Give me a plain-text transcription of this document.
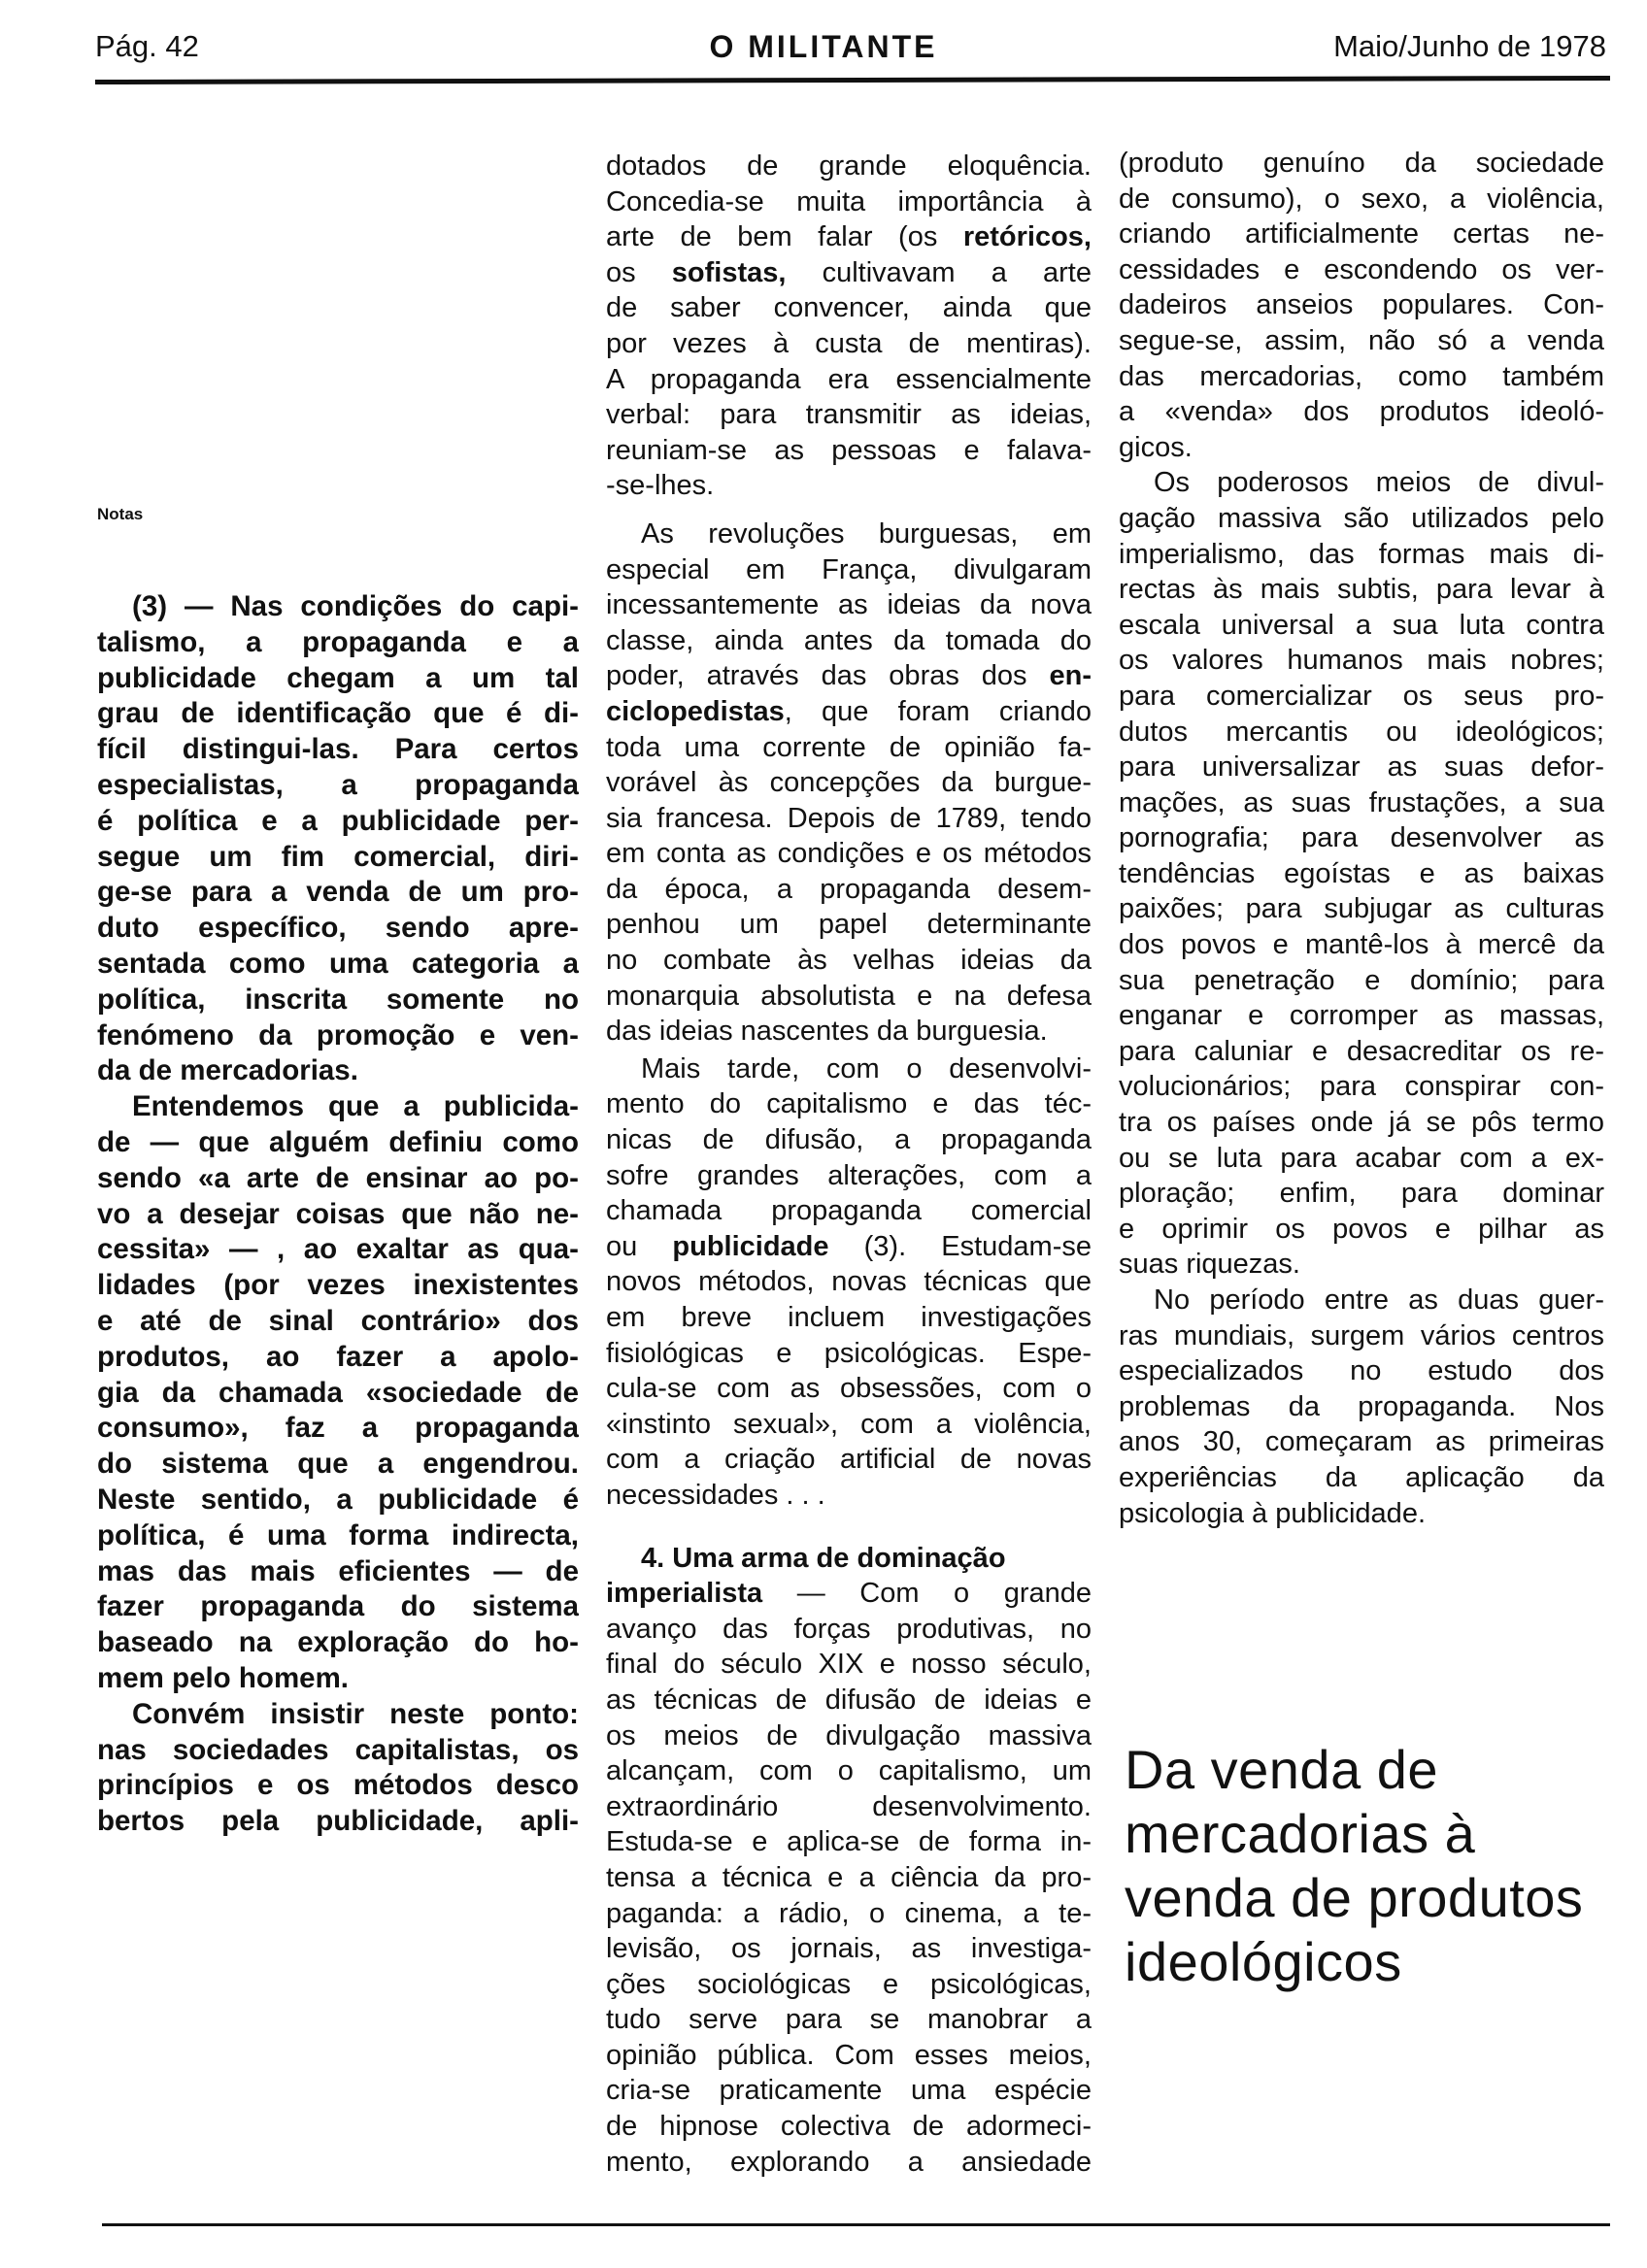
Pág. 42	O MILITANTE	Maio/Junho de 1978
Notas
(3) — Nas condições do capi-
talismo, a propaganda e a
publicidade chegam a um tal
grau de identificação que é di-
fícil distingui-las. Para certos
especialistas, a propaganda
é política e a publicidade per-
segue um fim comercial, diri-
ge-se para a venda de um pro-
duto específico, sendo apre-
sentada como uma categoria a
política, inscrita somente no
fenómeno da promoção e ven-
da de mercadorias.
Entendemos que a publicida-
de — que alguém definiu como
sendo «a arte de ensinar ao po-
vo a desejar coisas que não ne-
cessita» — , ao exaltar as qua-
lidades (por vezes inexistentes
e até de sinal contrário» dos
produtos, ao fazer a apolo-
gia da chamada «sociedade de
consumo», faz a propaganda
do sistema que a engendrou.
Neste sentido, a publicidade é
política, é uma forma indirecta,
mas das mais eficientes — de
fazer propaganda do sistema
baseado na exploração do ho-
mem pelo homem.
Convém insistir neste ponto:
nas sociedades capitalistas, os
princípios e os métodos desco
bertos pela publicidade, apli-
dotados de grande eloquência.
Concedia-se muita importância à
arte de bem falar (os retóricos,
os sofistas, cultivavam a arte
de saber convencer, ainda que
por vezes à custa de mentiras).
A propaganda era essencialmente
verbal: para transmitir as ideias,
reuniam-se as pessoas e falava-
-se-lhes.
As revoluções burguesas, em
especial em França, divulgaram
incessantemente as ideias da nova
classe, ainda antes da tomada do
poder, através das obras dos en-
ciclopedistas, que foram criando
toda uma corrente de opinião fa-
vorável às concepções da burgue-
sia francesa. Depois de 1789, tendo
em conta as condições e os métodos
da época, a propaganda desem-
penhou um papel determinante
no combate às velhas ideias da
monarquia absolutista e na defesa
das ideias nascentes da burguesia.
Mais tarde, com o desenvolvi-
mento do capitalismo e das téc-
nicas de difusão, a propaganda
sofre grandes alterações, com a
chamada propaganda comercial
ou publicidade (3). Estudam-se
novos métodos, novas técnicas que
em breve incluem investigações
fisiológicas e psicológicas. Espe-
cula-se com as obsessões, com o
«instinto sexual», com a violência,
com a criação artificial de novas
necessidades . . .
4. Uma arma de dominação
imperialista — Com o grande
avanço das forças produtivas, no
final do século XIX e nosso século,
as técnicas de difusão de ideias e
os meios de divulgação massiva
alcançam, com o capitalismo, um
extraordinário desenvolvimento.
Estuda-se e aplica-se de forma in-
tensa a técnica e a ciência da pro-
paganda: a rádio, o cinema, a te-
levisão, os jornais, as investiga-
ções sociológicas e psicológicas,
tudo serve para se manobrar a
opinião pública. Com esses meios,
cria-se praticamente uma espécie
de hipnose colectiva de adormeci-
mento, explorando a ansiedade
(produto genuíno da sociedade
de consumo), o sexo, a violência,
criando artificialmente certas ne-
cessidades e escondendo os ver-
dadeiros anseios populares. Con-
segue-se, assim, não só a venda
das mercadorias, como também
a «venda» dos produtos ideoló-
gicos.
Os poderosos meios de divul-
gação massiva são utilizados pelo
imperialismo, das formas mais di-
rectas às mais subtis, para levar à
escala universal a sua luta contra
os valores humanos mais nobres;
para comercializar os seus pro-
dutos mercantis ou ideológicos;
para universalizar as suas defor-
mações, as suas frustações, a sua
pornografia; para desenvolver as
tendências egoístas e as baixas
paixões; para subjugar as culturas
dos povos e mantê-los à mercê da
sua penetração e domínio; para
enganar e corromper as massas,
para caluniar e desacreditar os re-
volucionários; para conspirar con-
tra os países onde já se pôs termo
ou se luta para acabar com a ex-
ploração; enfim, para dominar
e oprimir os povos e pilhar as
suas riquezas.
No período entre as duas guer-
ras mundiais, surgem vários centros
especializados no estudo dos
problemas da propaganda. Nos
anos 30, começaram as primeiras
experiências da aplicação da
psicologia à publicidade.
Da venda de
mercadorias à
venda de produtos
ideológicos
